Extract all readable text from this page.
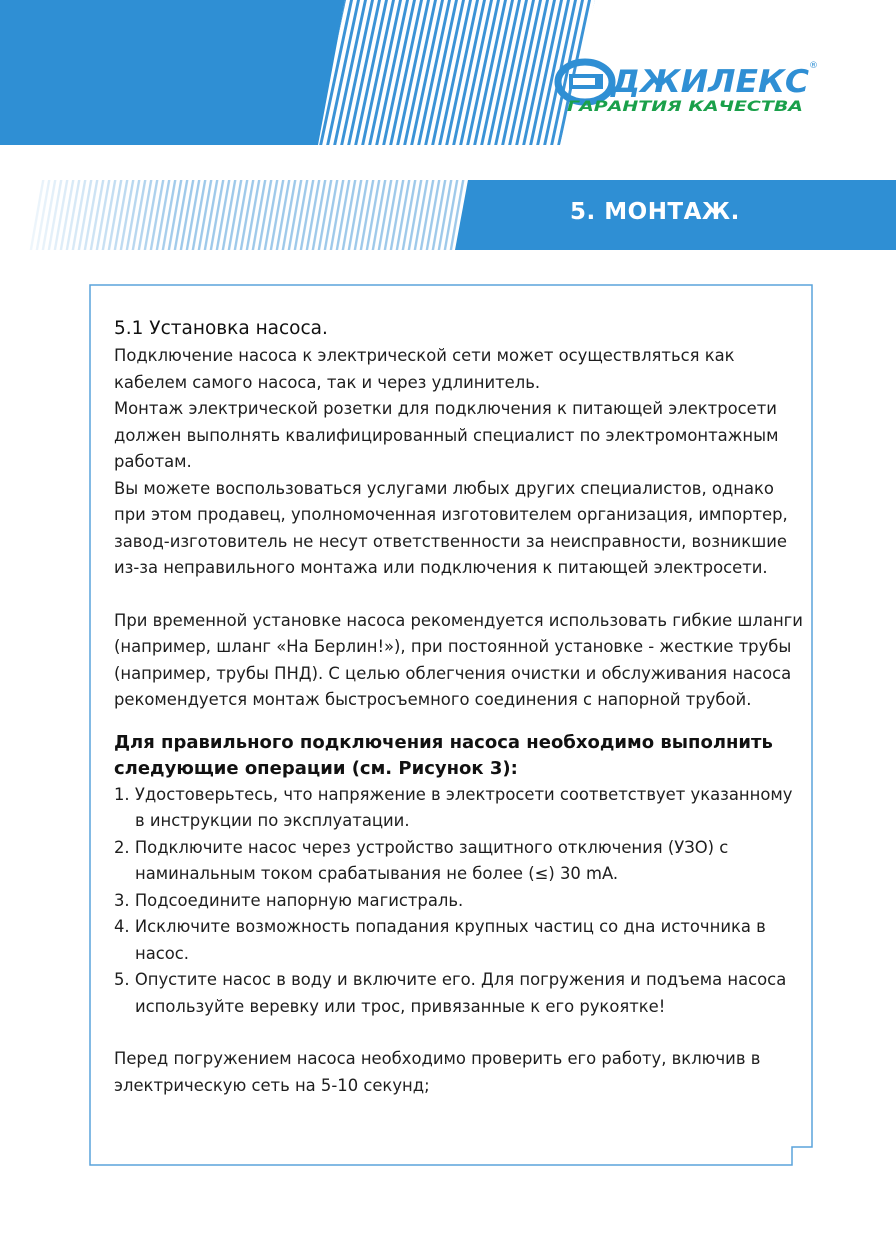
ДЖИЛЕКС ®
ГАРАНТИЯ КАЧЕСТВА
5. МОНТАЖ.
5.1 Установка насоса.

Подключение насоса к электрической сети может осуществляться как кабелем самого насоса, так и через удлинитель.

Монтаж электрической розетки для подключения к питающей электросети должен выполнять квалифицированный специалист по электромонтажным работам.

Вы можете воспользоваться услугами любых других специалистов, однако при этом продавец, уполномоченная изготовителем организация, импортер, завод-изготовитель не несут ответственности за неисправности, возникшие из-за неправильного монтажа или подключения к питающей электросети.

При временной установке насоса рекомендуется использовать гибкие шланги (например, шланг «На Берлин!»), при постоянной установке - жесткие трубы (например, трубы ПНД). С целью облегчения очистки и обслуживания насоса рекомендуется монтаж быстросъемного соединения с напорной трубой.

Для правильного подключения насоса необходимо выполнить следующие операции (см. Рисунок 3):
1. Удостоверьтесь, что напряжение в электросети соответствует указанному в инструкции по эксплуатации.
2. Подключите насос через устройство защитного отключения (УЗО) с наминальным током срабатывания не более (≤) 30 mA.
3. Подсоедините напорную магистраль.
4. Исключите возможность попадания крупных частиц со дна источника в насос.
5. Опустите насос в воду и включите его. Для погружения и подъема насоса используйте веревку или трос, привязанные к его рукоятке!

Перед погружением насоса необходимо проверить его работу, включив в электрическую сеть на 5-10 секунд;
